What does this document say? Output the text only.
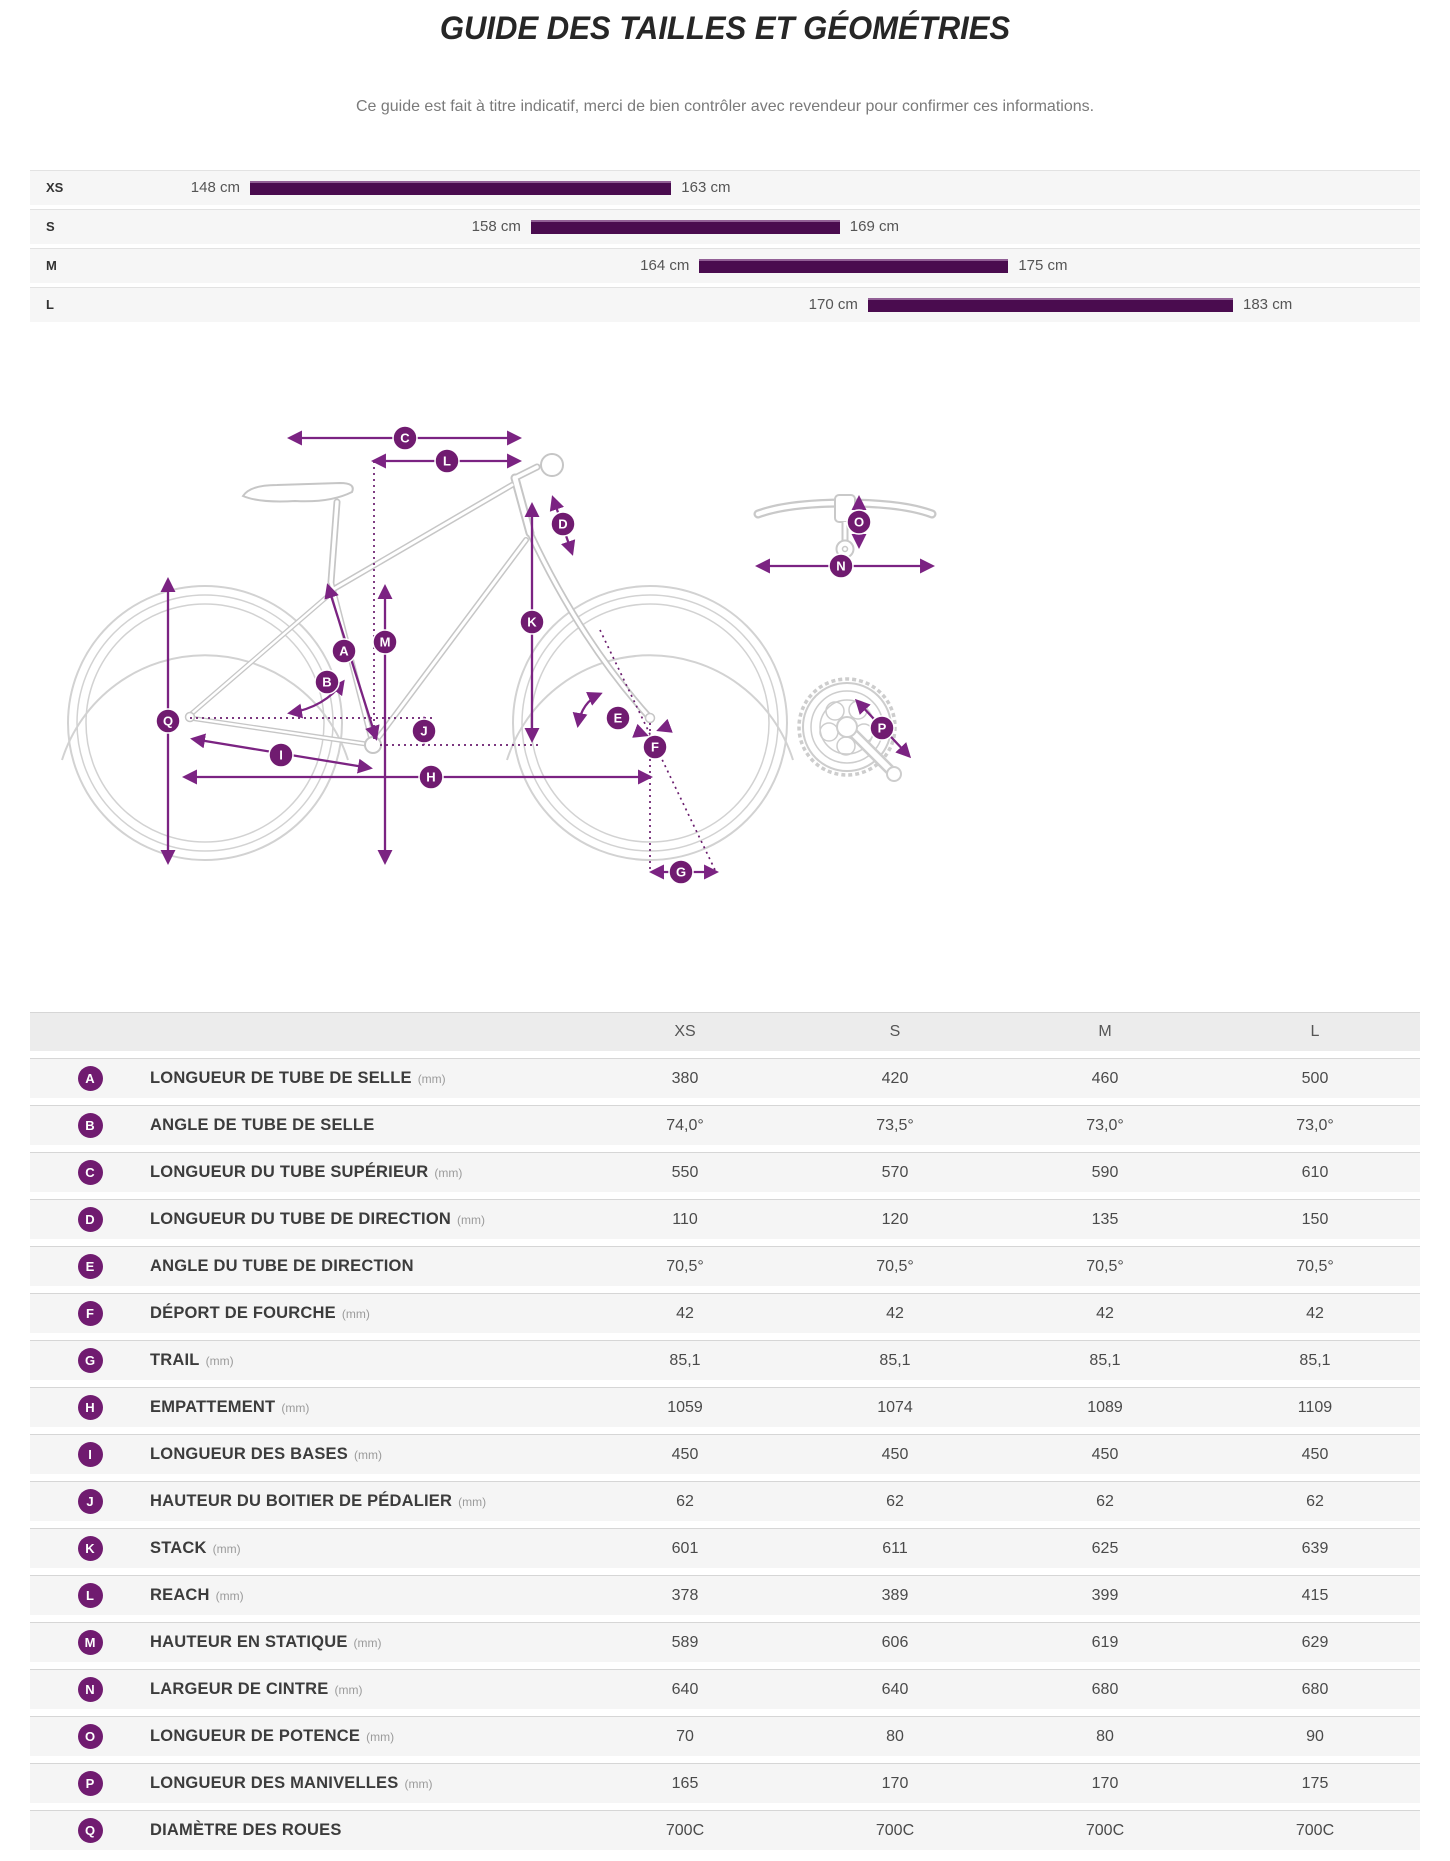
GUIDE DES TAILLES ET GÉOMÉTRIES

Ce guide est fait à titre indicatif, merci de bien contrôler avec revendeur pour confirmer ces informations.

XS	148 cm	163 cm
S	158 cm	169 cm
M	164 cm	175 cm
L	170 cm	183 cm
A
B
C
D
E
F
G
H
I
J
K
L
M
N
O
P
Q
XS	S	M	L
A	LONGUEUR DE TUBE DE SELLE (mm)	380	420	460	500
B	ANGLE DE TUBE DE SELLE	74,0°	73,5°	73,0°	73,0°
C	LONGUEUR DU TUBE SUPÉRIEUR (mm)	550	570	590	610
D	LONGUEUR DU TUBE DE DIRECTION (mm)	110	120	135	150
E	ANGLE DU TUBE DE DIRECTION	70,5°	70,5°	70,5°	70,5°
F	DÉPORT DE FOURCHE (mm)	42	42	42	42
G	TRAIL (mm)	85,1	85,1	85,1	85,1
H	EMPATTEMENT (mm)	1059	1074	1089	1109
I	LONGUEUR DES BASES (mm)	450	450	450	450
J	HAUTEUR DU BOITIER DE PÉDALIER (mm)	62	62	62	62
K	STACK (mm)	601	611	625	639
L	REACH (mm)	378	389	399	415
M	HAUTEUR EN STATIQUE (mm)	589	606	619	629
N	LARGEUR DE CINTRE (mm)	640	640	680	680
O	LONGUEUR DE POTENCE (mm)	70	80	80	90
P	LONGUEUR DES MANIVELLES (mm)	165	170	170	175
Q	DIAMÈTRE DES ROUES	700C	700C	700C	700C
